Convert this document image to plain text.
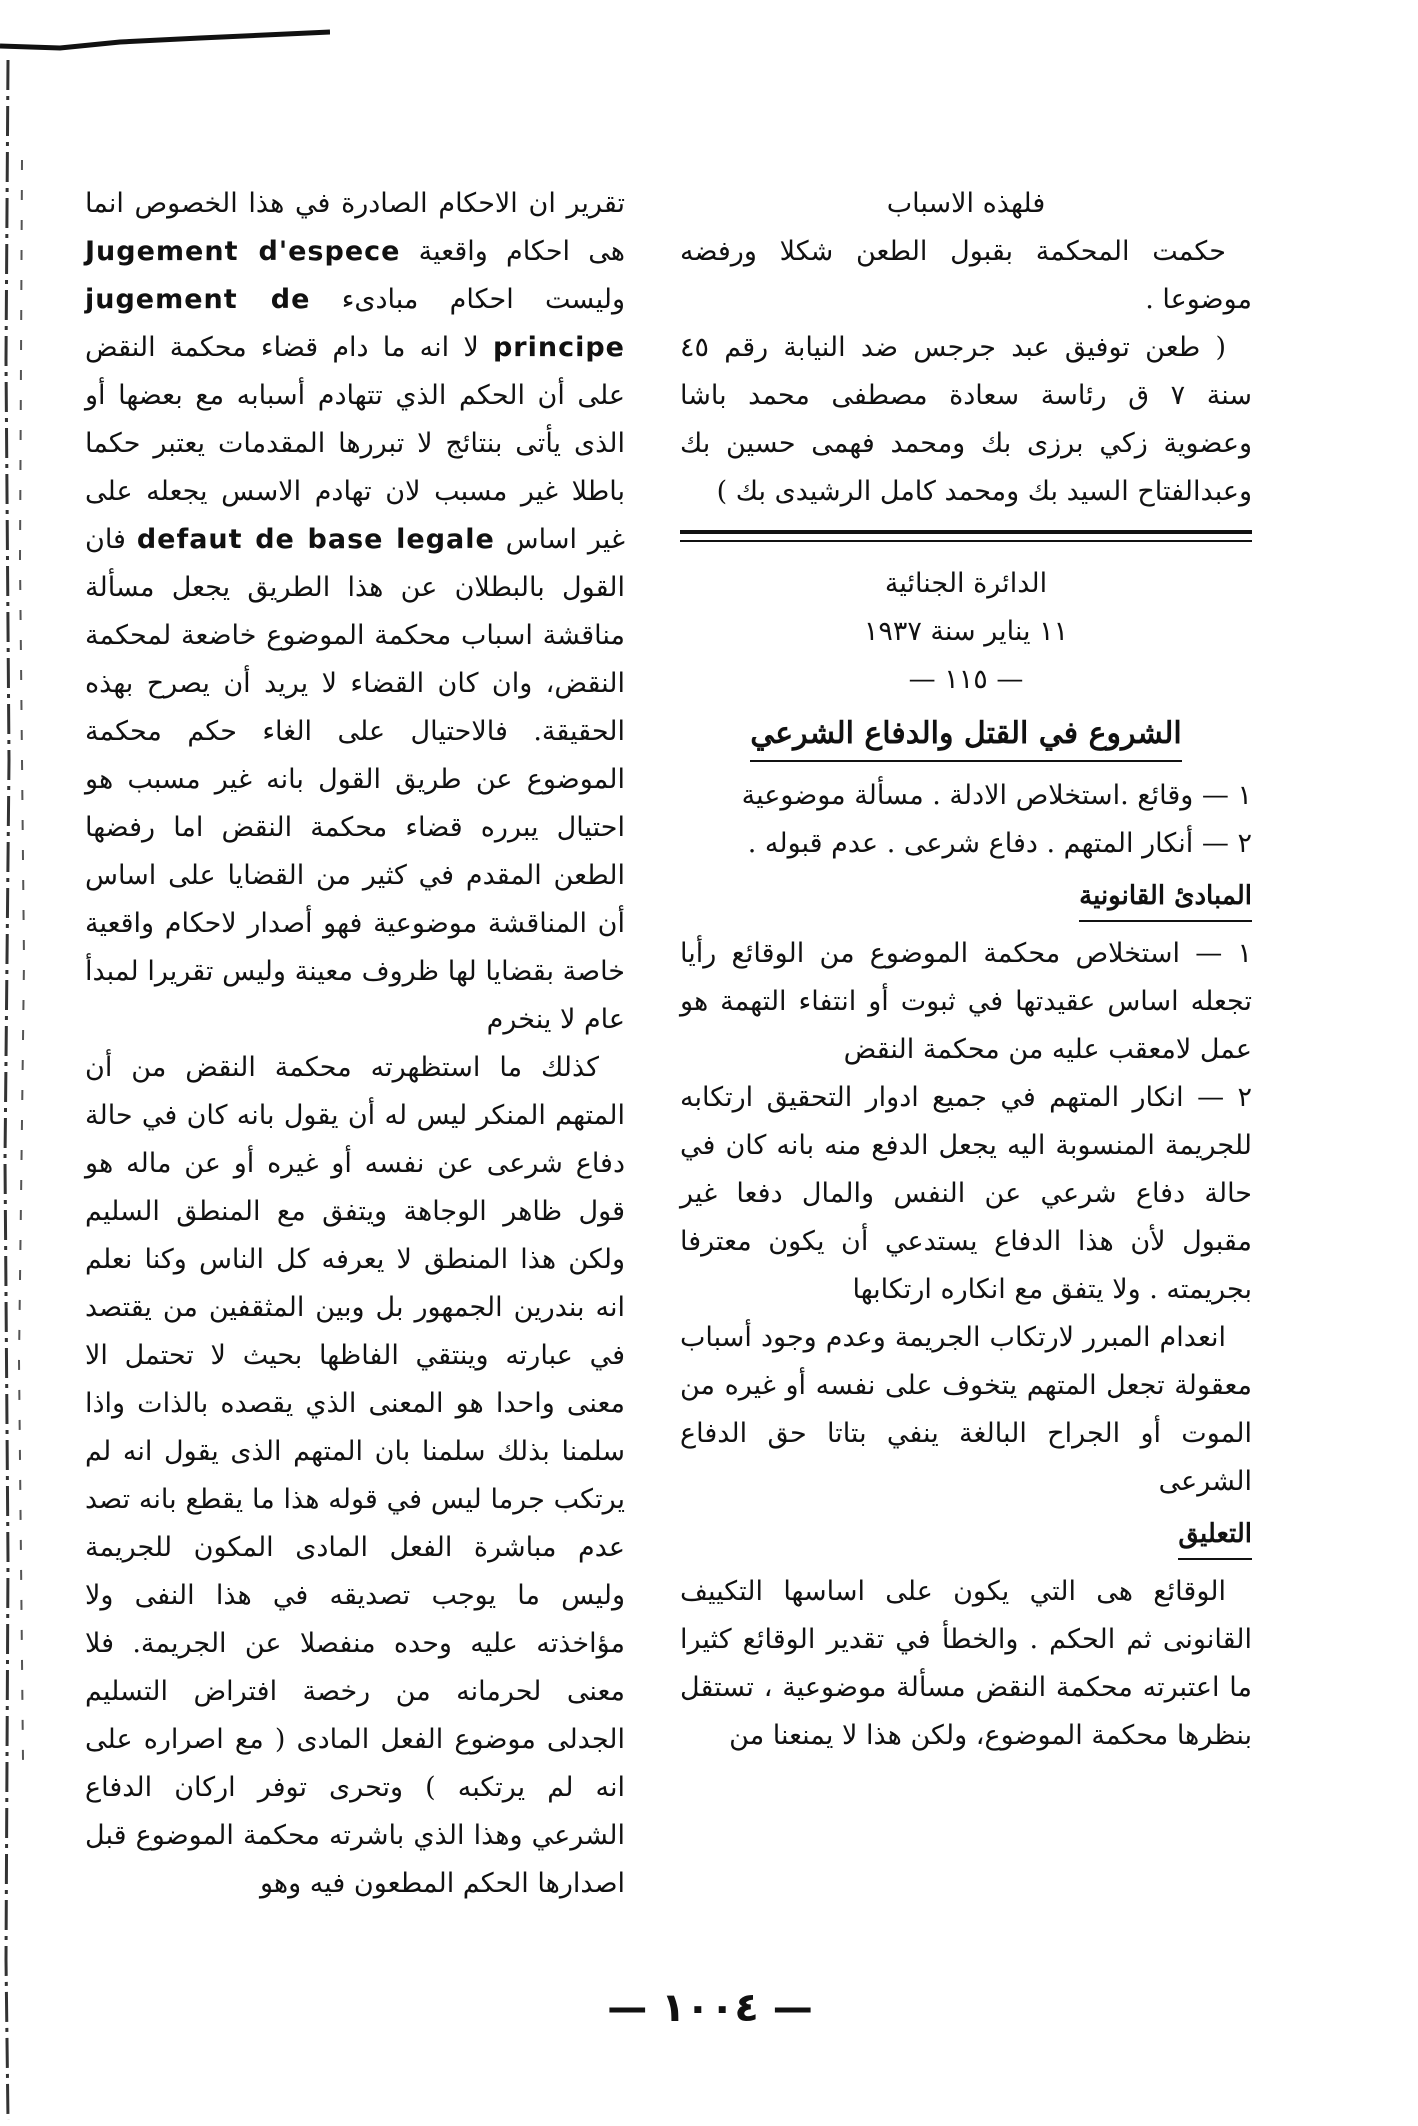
فلهذه الاسباب

حكمت المحكمة بقبول الطعن شكلا ورفضه موضوعا .

( طعن توفيق عبد جرجس ضد النيابة رقم ٤٥ سنة ٧ ق رئاسة سعادة مصطفى محمد باشا وعضوية زكي برزى بك ومحمد فهمى حسين بك وعبدالفتاح السيد بك ومحمد كامل الرشيدى بك )

الدائرة الجنائية

١١ يناير سنة ١٩٣٧

— ١١٥ —

الشروع في القتل والدفاع الشرعي

١ — وقائع .استخلاص الادلة . مسألة موضوعية

٢ — أنكار المتهم . دفاع شرعى . عدم قبوله .

المبادئ القانونية

١ — استخلاص محكمة الموضوع من الوقائع رأيا تجعله اساس عقيدتها في ثبوت أو انتفاء التهمة هو عمل لامعقب عليه من محكمة النقض

٢ — انكار المتهم في جميع ادوار التحقيق ارتكابه للجريمة المنسوبة اليه يجعل الدفع منه بانه كان في حالة دفاع شرعي عن النفس والمال دفعا غير مقبول لأن هذا الدفاع يستدعي أن يكون معترفا بجريمته . ولا يتفق مع انكاره ارتكابها

انعدام المبرر لارتكاب الجريمة وعدم وجود أسباب معقولة تجعل المتهم يتخوف على نفسه أو غيره من الموت أو الجراح البالغة ينفي بتاتا حق الدفاع الشرعى

التعليق

الوقائع هى التي يكون على اساسها التكييف القانونى ثم الحكم . والخطأ في تقدير الوقائع كثيرا ما اعتبرته محكمة النقض مسألة موضوعية ، تستقل بنظرها محكمة الموضوع، ولكن هذا لا يمنعنا من

تقرير ان الاحكام الصادرة في هذا الخصوص انما هى احكام واقعية Jugement d'espece وليست احكام مبادىء jugement de principe لا انه ما دام قضاء محكمة النقض على أن الحكم الذي تتهادم أسبابه مع بعضها أو الذى يأتى بنتائج لا تبررها المقدمات يعتبر حكما باطلا غير مسبب لان تهادم الاسس يجعله على غير اساس defaut de base legale فان القول بالبطلان عن هذا الطريق يجعل مسألة مناقشة اسباب محكمة الموضوع خاضعة لمحكمة النقض، وان كان القضاء لا يريد أن يصرح بهذه الحقيقة. فالاحتيال على الغاء حكم محكمة الموضوع عن طريق القول بانه غير مسبب هو احتيال يبرره قضاء محكمة النقض اما رفضها الطعن المقدم في كثير من القضايا على اساس أن المناقشة موضوعية فهو أصدار لاحكام واقعية خاصة بقضايا لها ظروف معينة وليس تقريرا لمبدأ عام لا ينخرم

كذلك ما استظهرته محكمة النقض من أن المتهم المنكر ليس له أن يقول بانه كان في حالة دفاع شرعى عن نفسه أو غيره أو عن ماله هو قول ظاهر الوجاهة ويتفق مع المنطق السليم ولكن هذا المنطق لا يعرفه كل الناس وكنا نعلم انه بندرين الجمهور بل وبين المثقفين من يقتصد في عبارته وينتقي الفاظها بحيث لا تحتمل الا معنى واحدا هو المعنى الذي يقصده بالذات واذا سلمنا بذلك سلمنا بان المتهم الذى يقول انه لم يرتكب جرما ليس في قوله هذا ما يقطع بانه تصد عدم مباشرة الفعل المادى المكون للجريمة وليس ما يوجب تصديقه في هذا النفى ولا مؤاخذته عليه وحده منفصلا عن الجريمة. فلا معنى لحرمانه من رخصة افتراض التسليم الجدلى موضوع الفعل المادى ( مع اصراره على انه لم يرتكبه ) وتحرى توفر اركان الدفاع الشرعي وهذا الذي باشرته محكمة الموضوع قبل اصدارها الحكم المطعون فيه وهو

— ١٠٠٤ —
